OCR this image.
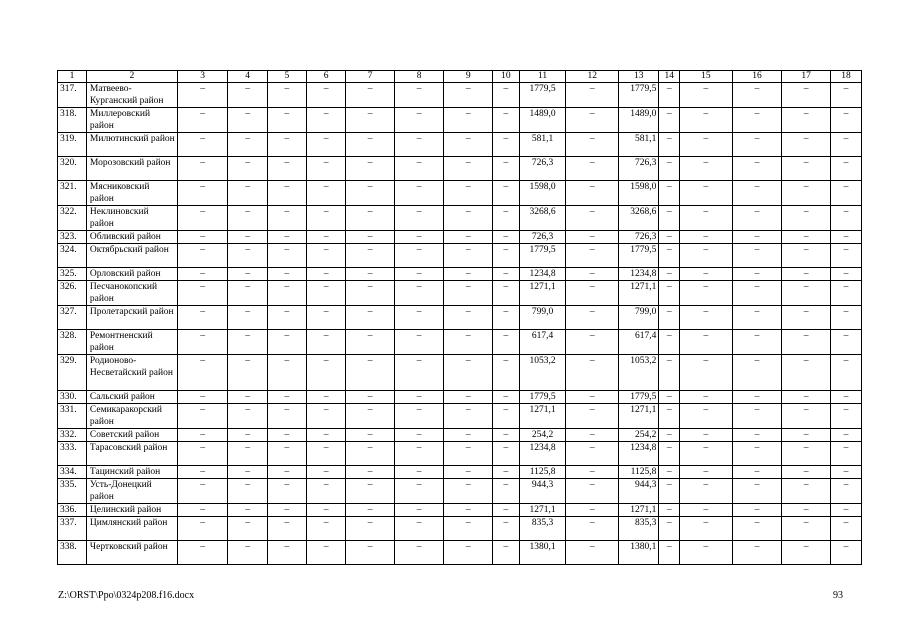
1	2	3	4	5	6	7	8	9	10	11	12	13	14	15	16	17	18
317.	Матвеево-Курганский район	–	–	–	–	–	–	–	–	1779,5	–	1779,5	–	–	–	–	–
318.	Миллеровский район	–	–	–	–	–	–	–	–	1489,0	–	1489,0	–	–	–	–	–
319.	Милютинский район	–	–	–	–	–	–	–	–	581,1	–	581,1	–	–	–	–	–
320.	Морозовский район	–	–	–	–	–	–	–	–	726,3	–	726,3	–	–	–	–	–
321.	Мясниковский район	–	–	–	–	–	–	–	–	1598,0	–	1598,0	–	–	–	–	–
322.	Неклиновский район	–	–	–	–	–	–	–	–	3268,6	–	3268,6	–	–	–	–	–
323.	Обливский район	–	–	–	–	–	–	–	–	726,3	–	726,3	–	–	–	–	–
324.	Октябрьский район	–	–	–	–	–	–	–	–	1779,5	–	1779,5	–	–	–	–	–
325.	Орловский район	–	–	–	–	–	–	–	–	1234,8	–	1234,8	–	–	–	–	–
326.	Песчанокопский район	–	–	–	–	–	–	–	–	1271,1	–	1271,1	–	–	–	–	–
327.	Пролетарский район	–	–	–	–	–	–	–	–	799,0	–	799,0	–	–	–	–	–
328.	Ремонтненский район	–	–	–	–	–	–	–	–	617,4	–	617,4	–	–	–	–	–
329.	Родионово-Несветайский район	–	–	–	–	–	–	–	–	1053,2	–	1053,2	–	–	–	–	–
330.	Сальский район	–	–	–	–	–	–	–	–	1779,5	–	1779,5	–	–	–	–	–
331.	Семикаракорский район	–	–	–	–	–	–	–	–	1271,1	–	1271,1	–	–	–	–	–
332.	Советский район	–	–	–	–	–	–	–	–	254,2	–	254,2	–	–	–	–	–
333.	Тарасовский район	–	–	–	–	–	–	–	–	1234,8	–	1234,8	–	–	–	–	–
334.	Тацинский район	–	–	–	–	–	–	–	–	1125,8	–	1125,8	–	–	–	–	–
335.	Усть-Донецкий район	–	–	–	–	–	–	–	–	944,3	–	944,3	–	–	–	–	–
336.	Целинский район	–	–	–	–	–	–	–	–	1271,1	–	1271,1	–	–	–	–	–
337.	Цимлянский район	–	–	–	–	–	–	–	–	835,3	–	835,3	–	–	–	–	–
338.	Чертковский район	–	–	–	–	–	–	–	–	1380,1	–	1380,1	–	–	–	–	–
Z:\ORST\Ppo\0324p208.f16.docx	93
